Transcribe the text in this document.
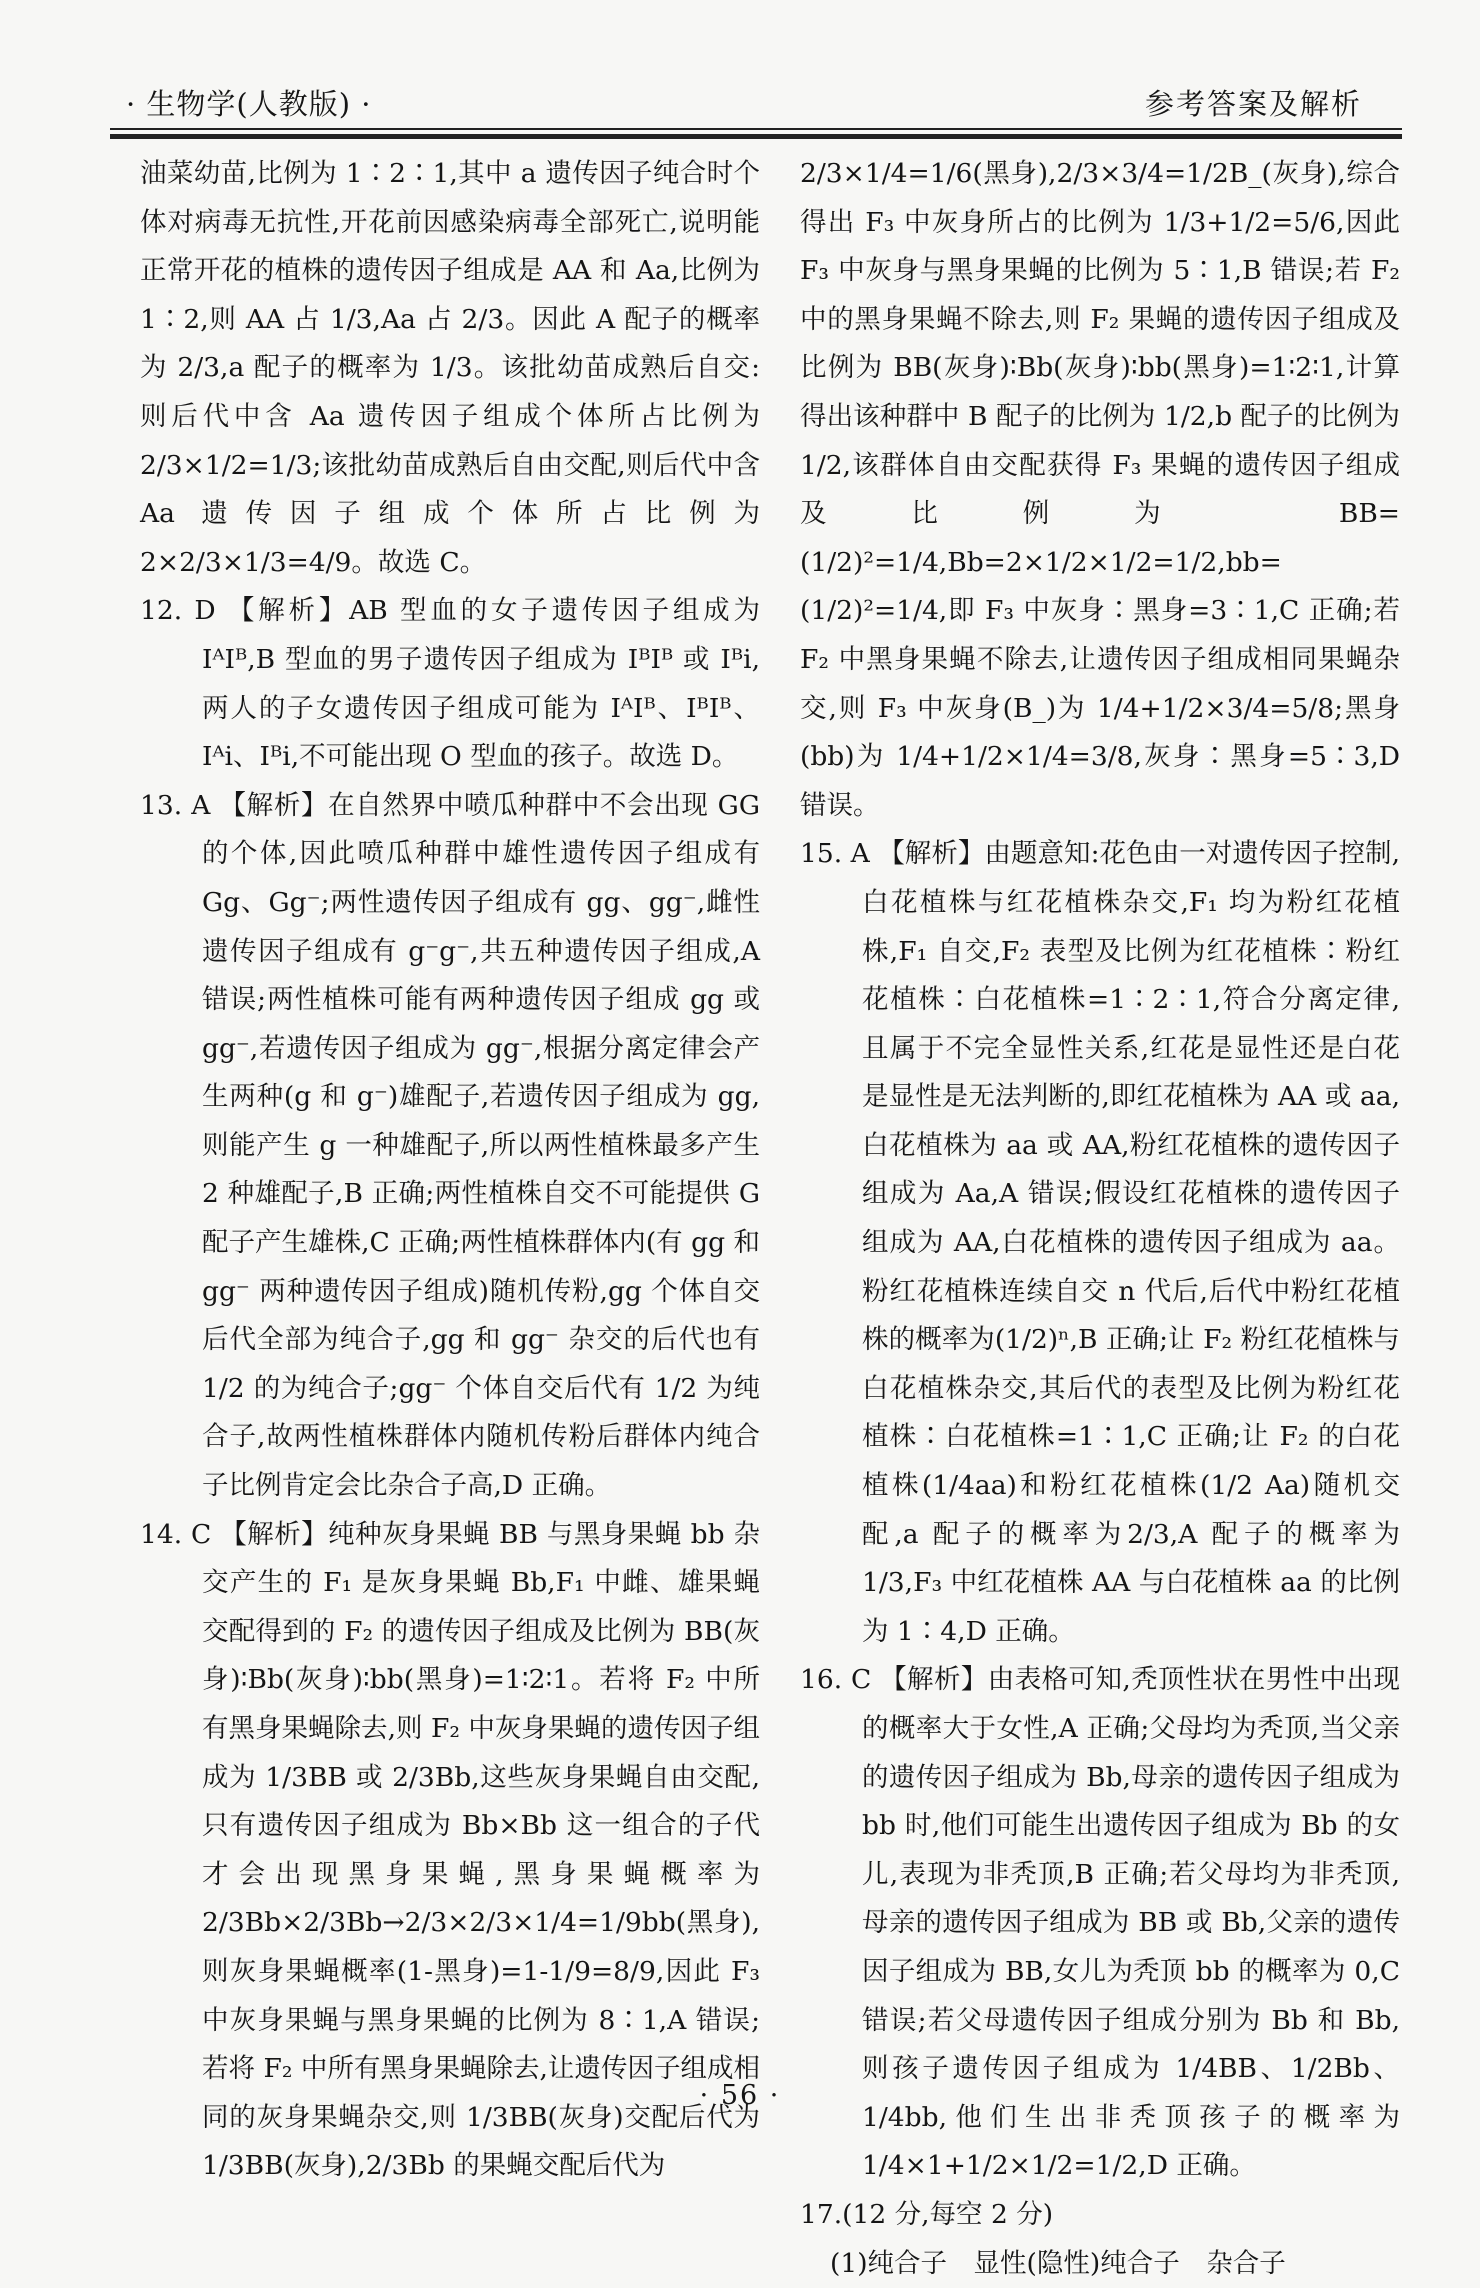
· 生物学(人教版) ·	参考答案及解析

油菜幼苗,比例为 1∶2∶1,其中 a 遗传因子纯合时个体对病毒无抗性,开花前因感染病毒全部死亡,说明能正常开花的植株的遗传因子组成是 AA 和 Aa,比例为 1∶2,则 AA 占 1/3,Aa 占 2/3。因此 A 配子的概率为 2/3,a 配子的概率为 1/3。该批幼苗成熟后自交:则后代中含 Aa 遗传因子组成个体所占比例为 2/3×1/2=1/3;该批幼苗成熟后自由交配,则后代中含 Aa 遗传因子组成个体所占比例为 2×2/3×1/3=4/9。故选 C。

12. D 【解析】AB 型血的女子遗传因子组成为 IᴬIᴮ,B 型血的男子遗传因子组成为 IᴮIᴮ 或 Iᴮi,两人的子女遗传因子组成可能为 IᴬIᴮ、IᴮIᴮ、Iᴬi、Iᴮi,不可能出现 O 型血的孩子。故选 D。

13. A 【解析】在自然界中喷瓜种群中不会出现 GG 的个体,因此喷瓜种群中雄性遗传因子组成有 Gg、Gg⁻;两性遗传因子组成有 gg、gg⁻,雌性遗传因子组成有 g⁻g⁻,共五种遗传因子组成,A 错误;两性植株可能有两种遗传因子组成 gg 或 gg⁻,若遗传因子组成为 gg⁻,根据分离定律会产生两种(g 和 g⁻)雄配子,若遗传因子组成为 gg,则能产生 g 一种雄配子,所以两性植株最多产生 2 种雄配子,B 正确;两性植株自交不可能提供 G 配子产生雄株,C 正确;两性植株群体内(有 gg 和 gg⁻ 两种遗传因子组成)随机传粉,gg 个体自交后代全部为纯合子,gg 和 gg⁻ 杂交的后代也有 1/2 的为纯合子;gg⁻ 个体自交后代有 1/2 为纯合子,故两性植株群体内随机传粉后群体内纯合子比例肯定会比杂合子高,D 正确。

14. C 【解析】纯种灰身果蝇 BB 与黑身果蝇 bb 杂交产生的 F₁ 是灰身果蝇 Bb,F₁ 中雌、雄果蝇交配得到的 F₂ 的遗传因子组成及比例为 BB(灰身)∶Bb(灰身)∶bb(黑身)=1∶2∶1。若将 F₂ 中所有黑身果蝇除去,则 F₂ 中灰身果蝇的遗传因子组成为 1/3BB 或 2/3Bb,这些灰身果蝇自由交配,只有遗传因子组成为 Bb×Bb 这一组合的子代才会出现黑身果蝇,黑身果蝇概率为 2/3Bb×2/3Bb→2/3×2/3×1/4=1/9bb(黑身),则灰身果蝇概率(1-黑身)=1-1/9=8/9,因此 F₃ 中灰身果蝇与黑身果蝇的比例为 8∶1,A 错误;若将 F₂ 中所有黑身果蝇除去,让遗传因子组成相同的灰身果蝇杂交,则 1/3BB(灰身)交配后代为 1/3BB(灰身),2/3Bb 的果蝇交配后代为

2/3×1/4=1/6(黑身),2/3×3/4=1/2B_(灰身),综合得出 F₃ 中灰身所占的比例为 1/3+1/2=5/6,因此 F₃ 中灰身与黑身果蝇的比例为 5∶1,B 错误;若 F₂ 中的黑身果蝇不除去,则 F₂ 果蝇的遗传因子组成及比例为 BB(灰身)∶Bb(灰身)∶bb(黑身)=1∶2∶1,计算得出该种群中 B 配子的比例为 1/2,b 配子的比例为1/2,该群体自由交配获得 F₃ 果蝇的遗传因子组成及比例为 BB=(1/2)²=1/4,Bb=2×1/2×1/2=1/2,bb=(1/2)²=1/4,即 F₃ 中灰身∶黑身=3∶1,C 正确;若 F₂ 中黑身果蝇不除去,让遗传因子组成相同果蝇杂交,则 F₃ 中灰身(B_)为 1/4+1/2×3/4=5/8;黑身(bb)为 1/4+1/2×1/4=3/8,灰身∶黑身=5∶3,D 错误。

15. A 【解析】由题意知:花色由一对遗传因子控制,白花植株与红花植株杂交,F₁ 均为粉红花植株,F₁ 自交,F₂ 表型及比例为红花植株∶粉红花植株∶白花植株=1∶2∶1,符合分离定律,且属于不完全显性关系,红花是显性还是白花是显性是无法判断的,即红花植株为 AA 或 aa,白花植株为 aa 或 AA,粉红花植株的遗传因子组成为 Aa,A 错误;假设红花植株的遗传因子组成为 AA,白花植株的遗传因子组成为 aa。粉红花植株连续自交 n 代后,后代中粉红花植株的概率为(1/2)ⁿ,B 正确;让 F₂ 粉红花植株与白花植株杂交,其后代的表型及比例为粉红花植株∶白花植株=1∶1,C 正确;让 F₂ 的白花植株(1/4aa)和粉红花植株(1/2 Aa)随机交配,a 配子的概率为2/3,A 配子的概率为 1/3,F₃ 中红花植株 AA 与白花植株 aa 的比例为 1∶4,D 正确。

16. C 【解析】由表格可知,秃顶性状在男性中出现的概率大于女性,A 正确;父母均为秃顶,当父亲的遗传因子组成为 Bb,母亲的遗传因子组成为 bb 时,他们可能生出遗传因子组成为 Bb 的女儿,表现为非秃顶,B 正确;若父母均为非秃顶,母亲的遗传因子组成为 BB 或 Bb,父亲的遗传因子组成为 BB,女儿为秃顶 bb 的概率为 0,C 错误;若父母遗传因子组成分别为 Bb 和 Bb,则孩子遗传因子组成为 1/4BB、1/2Bb、1/4bb,他们生出非秃顶孩子的概率为 1/4×1+1/2×1/2=1/2,D 正确。

17.(12 分,每空 2 分)

(1)纯合子　显性(隐性)纯合子　杂合子

· 56 ·
